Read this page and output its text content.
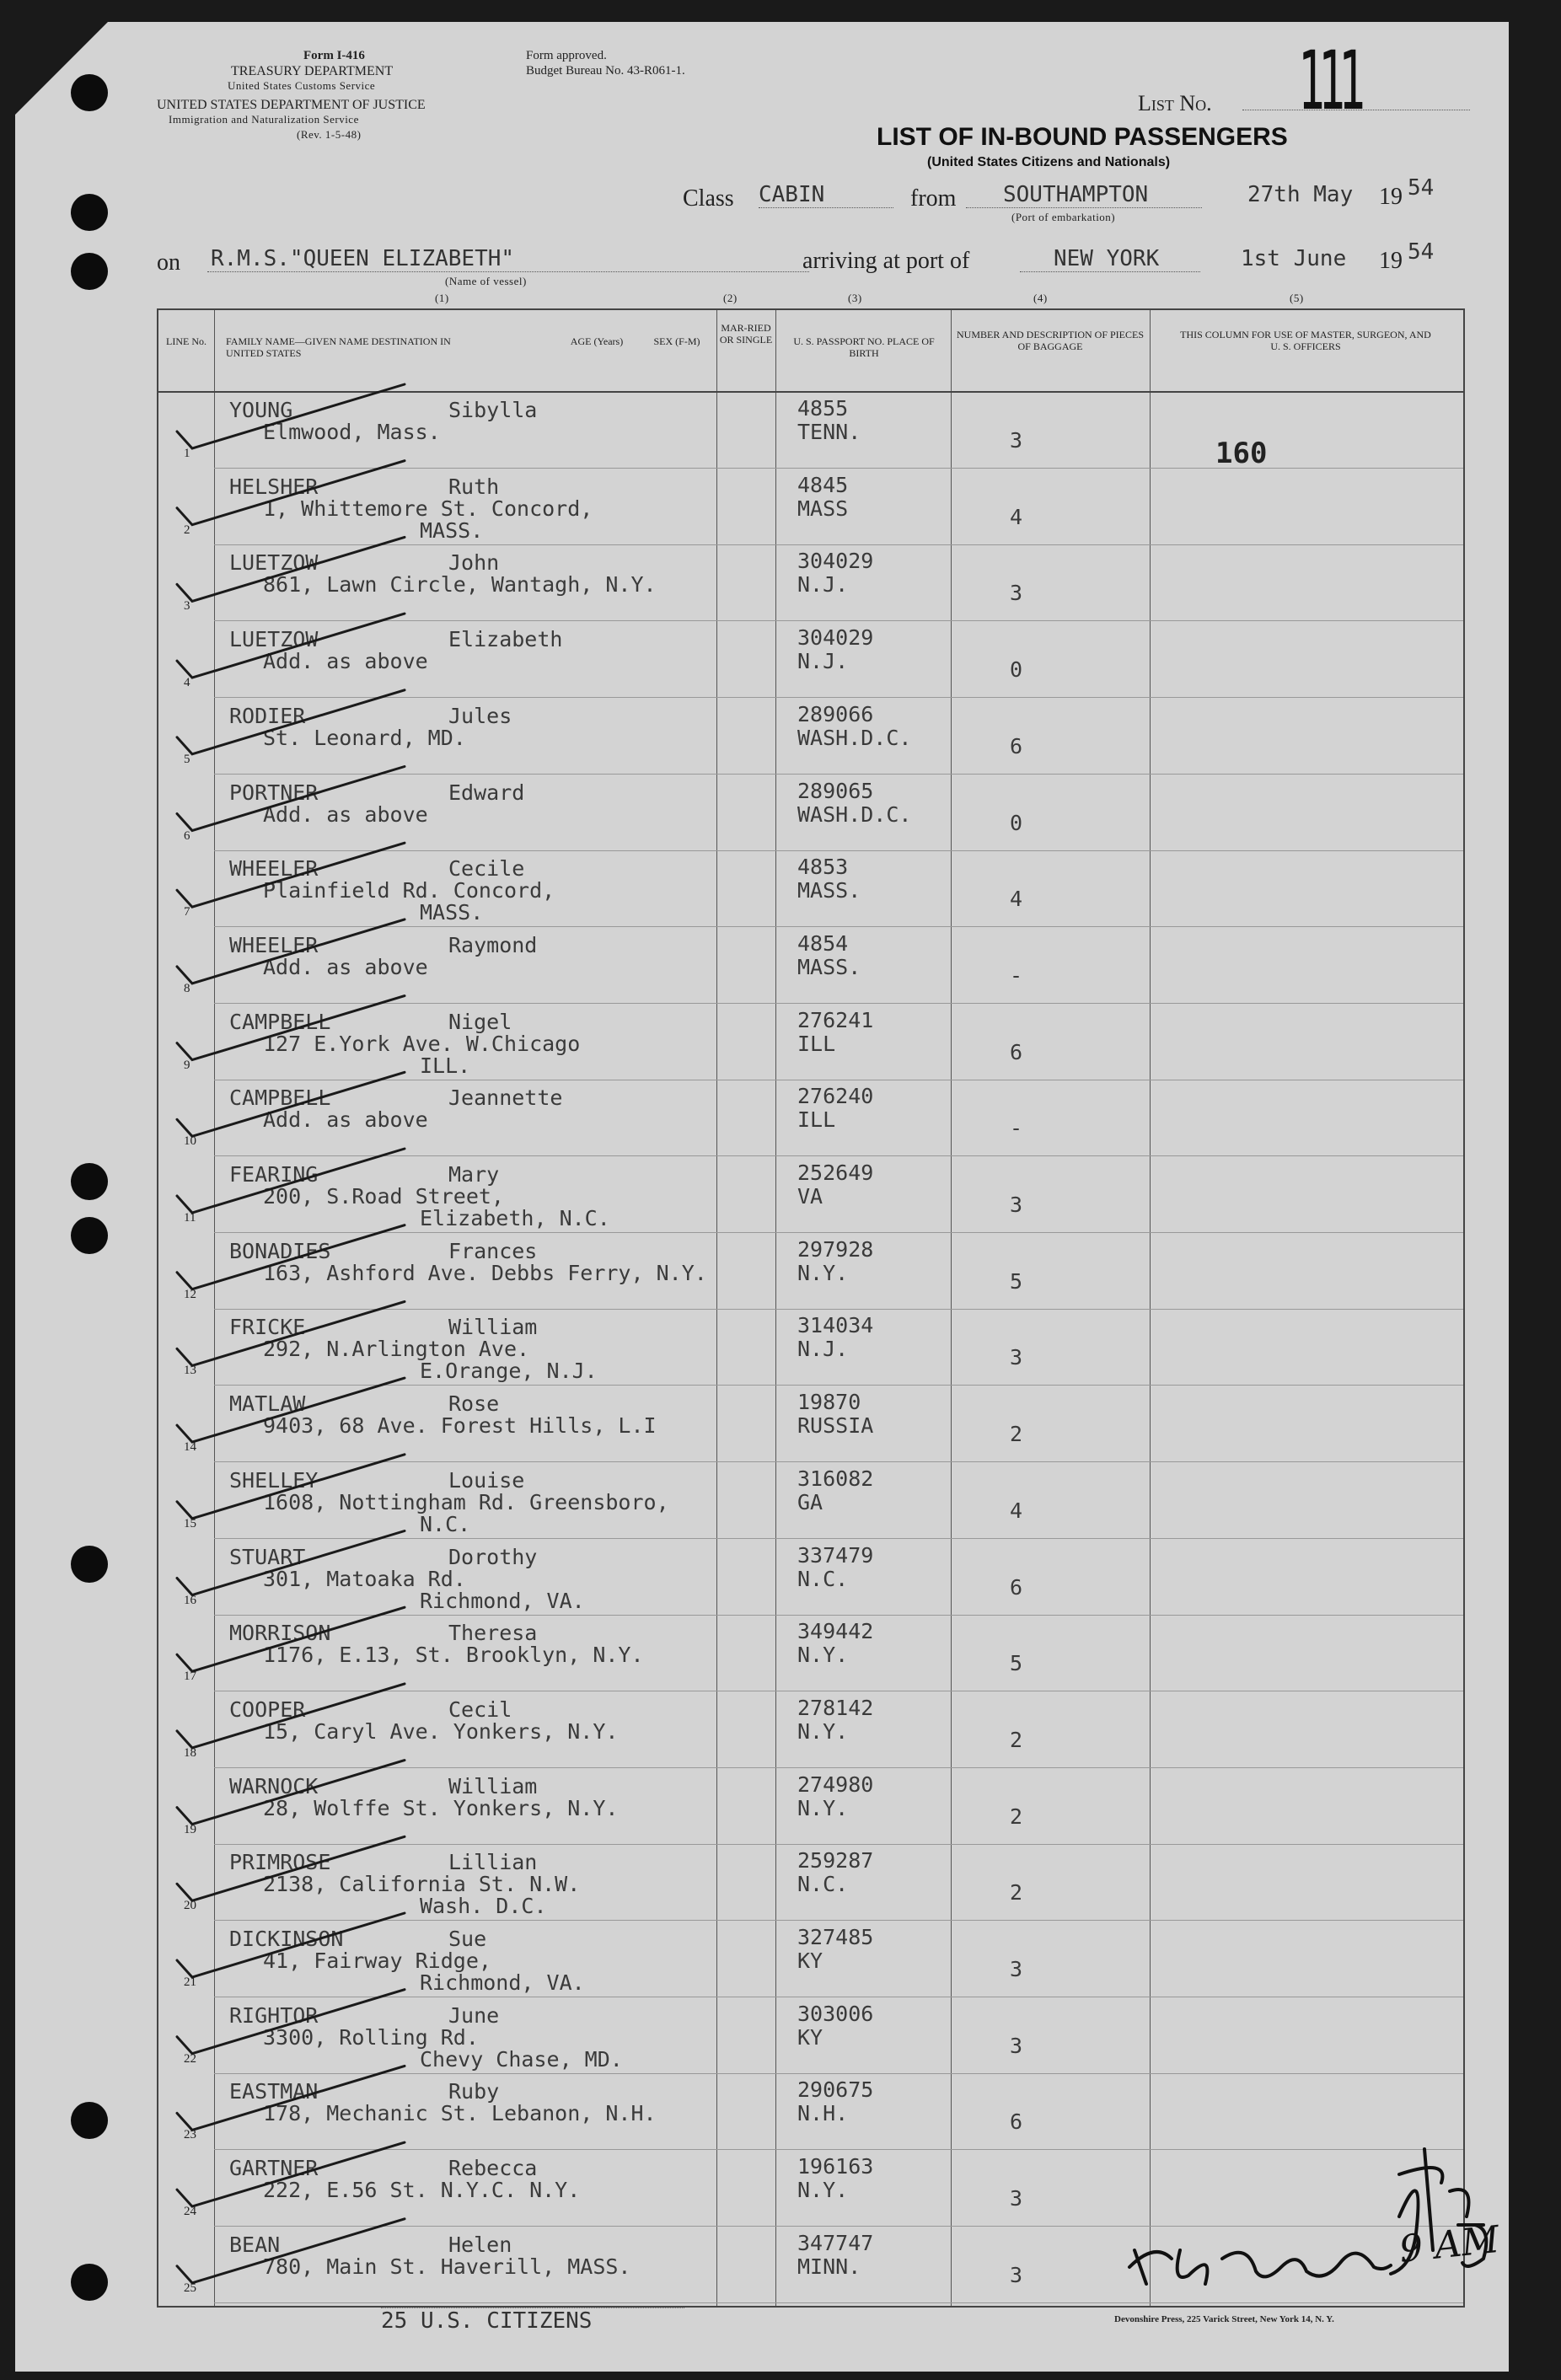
Form I-416
TREASURY DEPARTMENT
United States Customs Service
UNITED STATES DEPARTMENT OF JUSTICE
Immigration and Naturalization Service
(Rev. 1-5-48)
Form approved.
Budget Bureau No. 43-R061-1.
List No. 111
LIST OF IN-BOUND PASSENGERS
(United States Citizens and Nationals)
Class CABIN	from	SOUTHAMPTON
(Port of embarkation)
27th May 19 54
on R.M.S."QUEEN ELIZABETH"
(Name of vessel)
arriving at port of	NEW YORK	1st June 19 54
(1)	(2)	(3)	(4)	(5)
LINE No.	FAMILY NAME—GIVEN NAME DESTINATION IN UNITED STATES
AGE (Years)	SEX (F-M)
MAR-RIED OR SINGLE	U. S. PASSPORT NO. PLACE OF BIRTH
NUMBER AND DESCRIPTION OF PIECES OF BAGGAGE
THIS COLUMN FOR USE OF MASTER, SURGEON, AND U. S. OFFICERS
1
YOUNG	Sibylla
Elmwood, Mass.
4855
TENN.	3
2
HELSHER	Ruth
1, Whittemore St. Concord,
MASS.
4845
MASS	4
3
LUETZOW	John
861, Lawn Circle, Wantagh, N.Y.
304029
N.J.	3
4
LUETZOW	Elizabeth
Add. as above
304029
N.J.	0
5
RODIER	Jules
St. Leonard, MD.
289066
WASH.D.C.	6
6
PORTNER	Edward
Add. as above
289065
WASH.D.C.	0
7
WHEELER	Cecile
Plainfield Rd. Concord,
MASS.
4853
MASS.	4
8
WHEELER	Raymond
Add. as above
4854
MASS.	-
9
CAMPBELL	Nigel
127 E.York Ave. W.Chicago
ILL.
276241
ILL	6
10
CAMPBELL	Jeannette
Add. as above
276240
ILL	-
11
FEARING	Mary
200, S.Road Street,
Elizabeth, N.C.
252649
VA	3
12
BONADIES	Frances
163, Ashford Ave. Debbs Ferry, N.Y.
297928
N.Y.	5
13
FRICKE	William
292, N.Arlington Ave.
E.Orange, N.J.
314034
N.J.	3
14
MATLAW	Rose
9403, 68 Ave. Forest Hills, L.I
19870
RUSSIA	2
15
SHELLEY	Louise
1608, Nottingham Rd. Greensboro,
N.C.
316082
GA	4
16
STUART	Dorothy
301, Matoaka Rd.
Richmond, VA.
337479
N.C.	6
17
MORRISON	Theresa
1176, E.13, St. Brooklyn, N.Y.
349442
N.Y.	5
18
COOPER	Cecil
15, Caryl Ave. Yonkers, N.Y.
278142
N.Y.	2
19
WARNOCK	William
28, Wolffe St. Yonkers, N.Y.
274980
N.Y.	2
20
PRIMROSE	Lillian
2138, California St. N.W.
Wash. D.C.
259287
N.C.	2
21
DICKINSON	Sue
41, Fairway Ridge,
Richmond, VA.
327485
KY	3
22
RIGHTOR	June
3300, Rolling Rd.
Chevy Chase, MD.
303006
KY	3
23
EASTMAN	Ruby
178, Mechanic St. Lebanon, N.H.
290675
N.H.	6
24
GARTNER	Rebecca
222, E.56 St. N.Y.C. N.Y.
196163
N.Y.	3
25
BEAN	Helen
780, Main St. Haverill, MASS.
347747
MINN.	3
160
9 AM
25 U.S. CITIZENS	Devonshire Press, 225 Varick Street, New York 14, N. Y.
